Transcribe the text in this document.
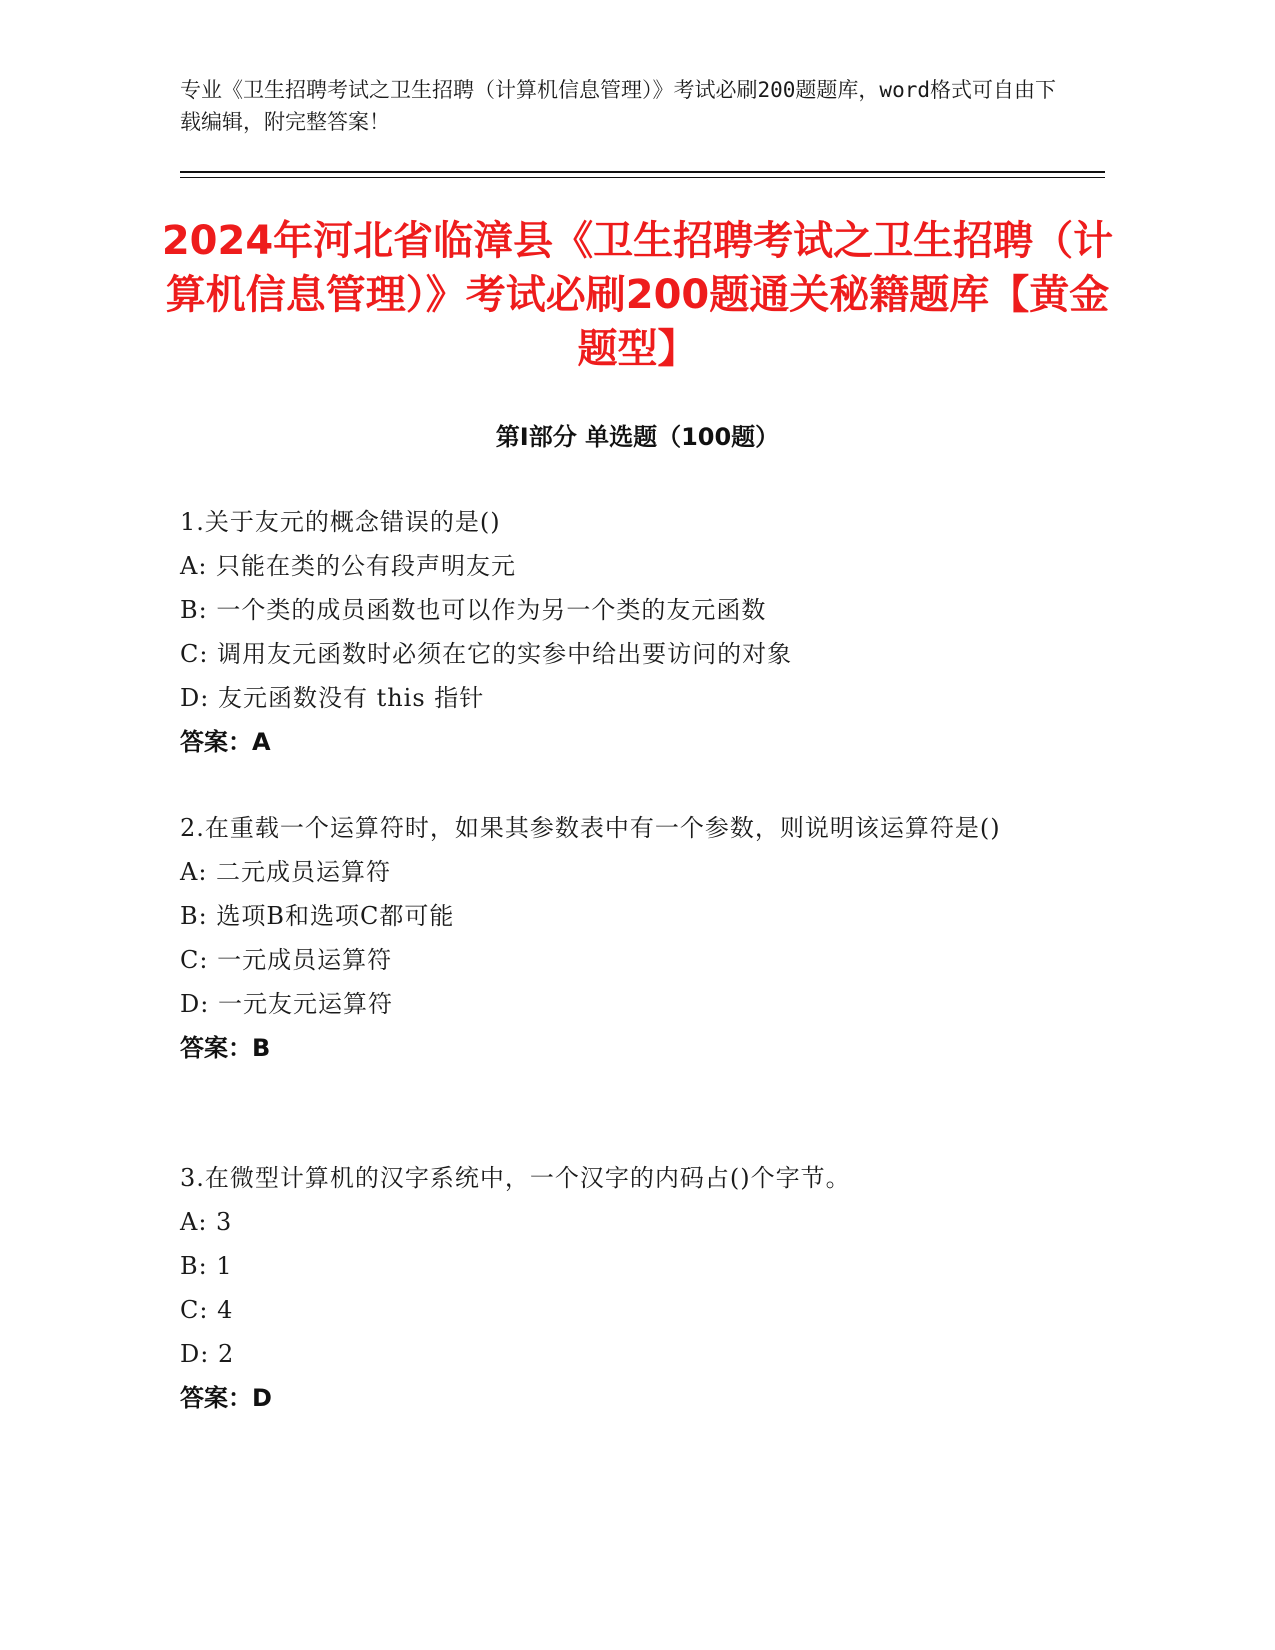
专业《卫生招聘考试之卫生招聘（计算机信息管理）》考试必刷200题题库，word格式可自由下载编辑，附完整答案！
2024年河北省临漳县《卫生招聘考试之卫生招聘（计算机信息管理）》考试必刷200题通关秘籍题库【黄金题型】
第Ⅰ部分 单选题（100题）
1.关于友元的概念错误的是()
A: 只能在类的公有段声明友元
B: 一个类的成员函数也可以作为另一个类的友元函数
C: 调用友元函数时必须在它的实参中给出要访问的对象
D: 友元函数没有 this 指针
答案：A
2.在重载一个运算符时，如果其参数表中有一个参数，则说明该运算符是()
A: 二元成员运算符
B: 选项B和选项C都可能
C: 一元成员运算符
D: 一元友元运算符
答案：B
3.在微型计算机的汉字系统中，一个汉字的内码占()个字节。
A: 3
B: 1
C: 4
D: 2
答案：D
